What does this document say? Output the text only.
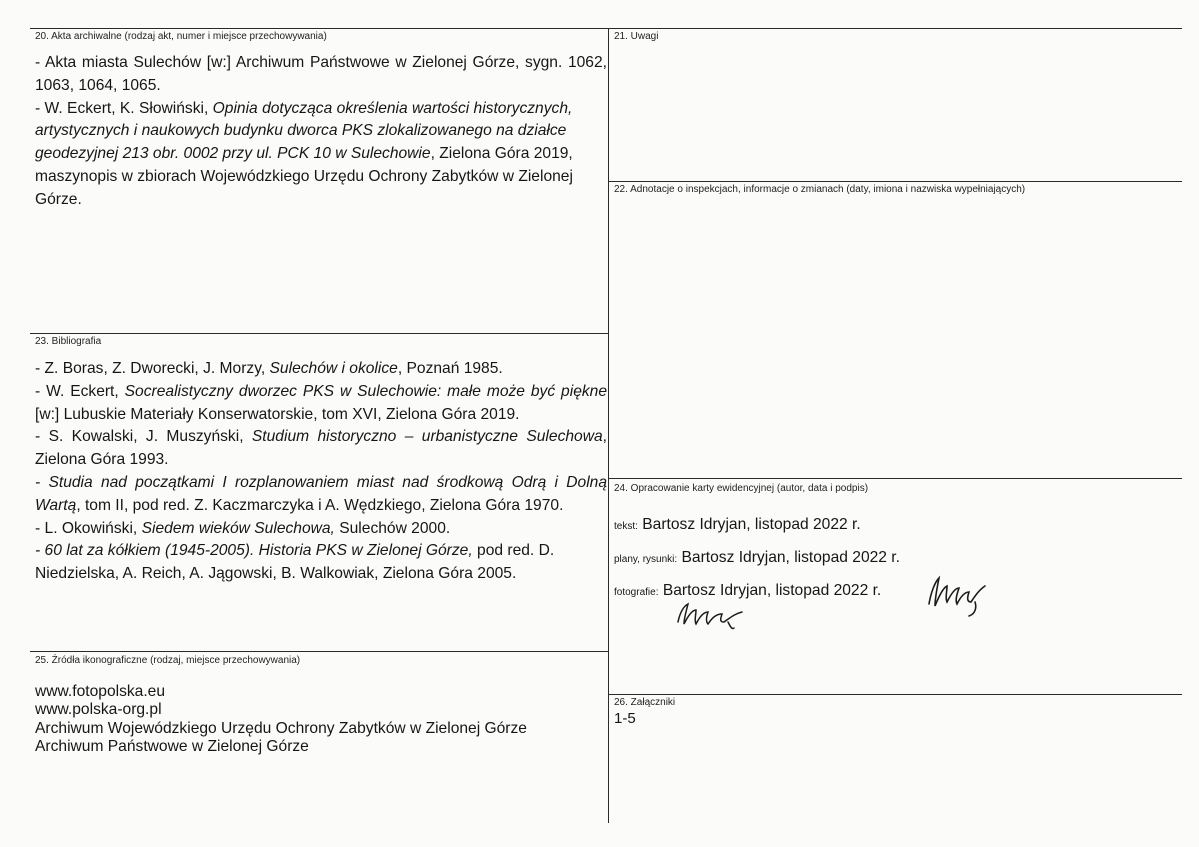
20. Akta archiwalne (rodzaj akt, numer i miejsce przechowywania)

- Akta miasta Sulechów [w:] Archiwum Państwowe w Zielonej Górze, sygn. 1062, 1063, 1064, 1065.

- W. Eckert, K. Słowiński, Opinia dotycząca określenia wartości historycznych, artystycznych i naukowych budynku dworca PKS zlokalizowanego na działce geodezyjnej 213 obr. 0002 przy ul. PCK 10 w Sulechowie, Zielona Góra 2019, maszynopis w zbiorach Wojewódzkiego Urzędu Ochrony Zabytków w Zielonej Górze.

21. Uwagi
22. Adnotacje o inspekcjach, informacje o zmianach (daty, imiona i nazwiska wypełniających)
23. Bibliografia

- Z. Boras, Z. Dworecki, J. Morzy, Sulechów i okolice, Poznań 1985.

- W. Eckert, Socrealistyczny dworzec PKS w Sulechowie: małe może być piękne [w:] Lubuskie Materiały Konserwatorskie, tom XVI, Zielona Góra 2019.

- S. Kowalski, J. Muszyński, Studium historyczno – urbanistyczne Sulechowa, Zielona Góra 1993.

- Studia nad początkami I rozplanowaniem miast nad środkową Odrą i Dolną Wartą, tom II, pod red. Z. Kaczmarczyka i A. Wędzkiego, Zielona Góra 1970.

- L. Okowiński, Siedem wieków Sulechowa, Sulechów 2000.

- 60 lat za kółkiem (1945-2005). Historia PKS w Zielonej Górze, pod red. D. Niedzielska, A. Reich, A. Jągowski, B. Walkowiak, Zielona Góra 2005.

24. Opracowanie karty ewidencyjnej (autor, data i podpis)
tekst: Bartosz Idryjan, listopad 2022 r.
plany, rysunki: Bartosz Idryjan, listopad 2022 r.
fotografie: Bartosz Idryjan, listopad 2022 r.
25. Źródła ikonograficzne (rodzaj, miejsce przechowywania)
www.fotopolska.eu
www.polska-org.pl
Archiwum Wojewódzkiego Urzędu Ochrony Zabytków w Zielonej Górze
Archiwum Państwowe w Zielonej Górze
26. Załączniki
1-5
